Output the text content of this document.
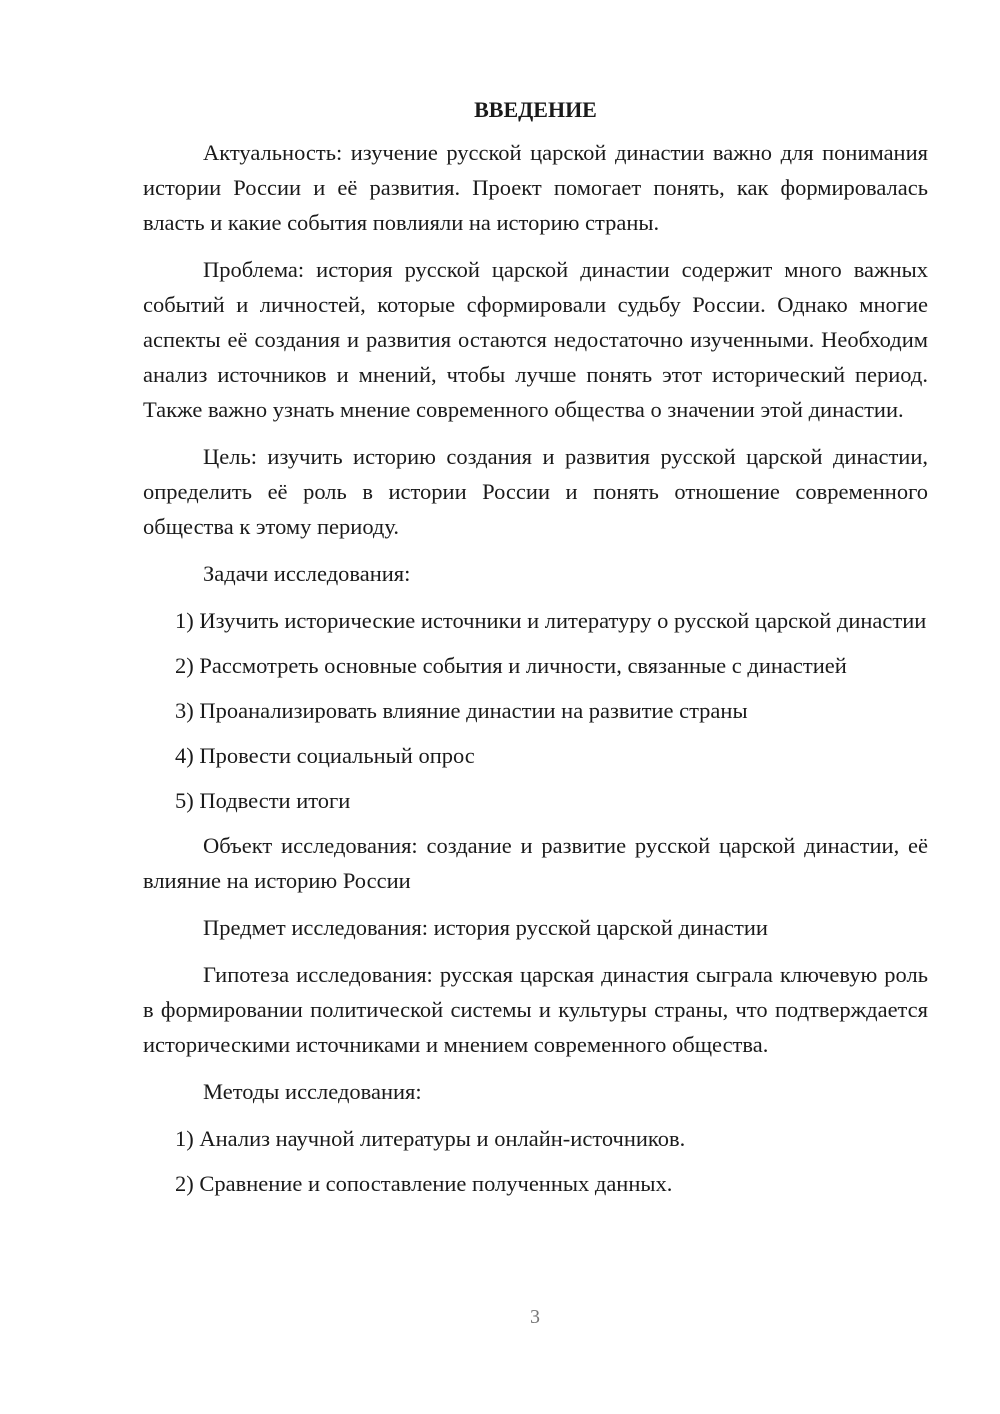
ВВЕДЕНИЕ
Актуальность: изучение русской царской династии важно для понимания истории России и её развития. Проект помогает понять, как формировалась власть и какие события повлияли на историю страны.
Проблема: история русской царской династии содержит много важных событий и личностей, которые сформировали судьбу России. Однако многие аспекты её создания и развития остаются недостаточно изученными. Необходим анализ источников и мнений, чтобы лучше понять этот исторический период. Также важно узнать мнение современного общества о значении этой династии.
Цель: изучить историю создания и развития русской царской династии, определить её роль в истории России и понять отношение современного общества к этому периоду.
Задачи исследования:
1) Изучить исторические источники и литературу о русской царской династии
2) Рассмотреть основные события и личности, связанные с династией
3) Проанализировать влияние династии на развитие страны
4) Провести социальный опрос
5) Подвести итоги
Объект исследования: создание и развитие русской царской династии, её влияние на историю России
Предмет исследования: история русской царской династии
Гипотеза исследования: русская царская династия сыграла ключевую роль в формировании политической системы и культуры страны, что подтверждается историческими источниками и мнением современного общества.
Методы исследования:
1) Анализ научной литературы и онлайн-источников.
2) Сравнение и сопоставление полученных данных.
3
